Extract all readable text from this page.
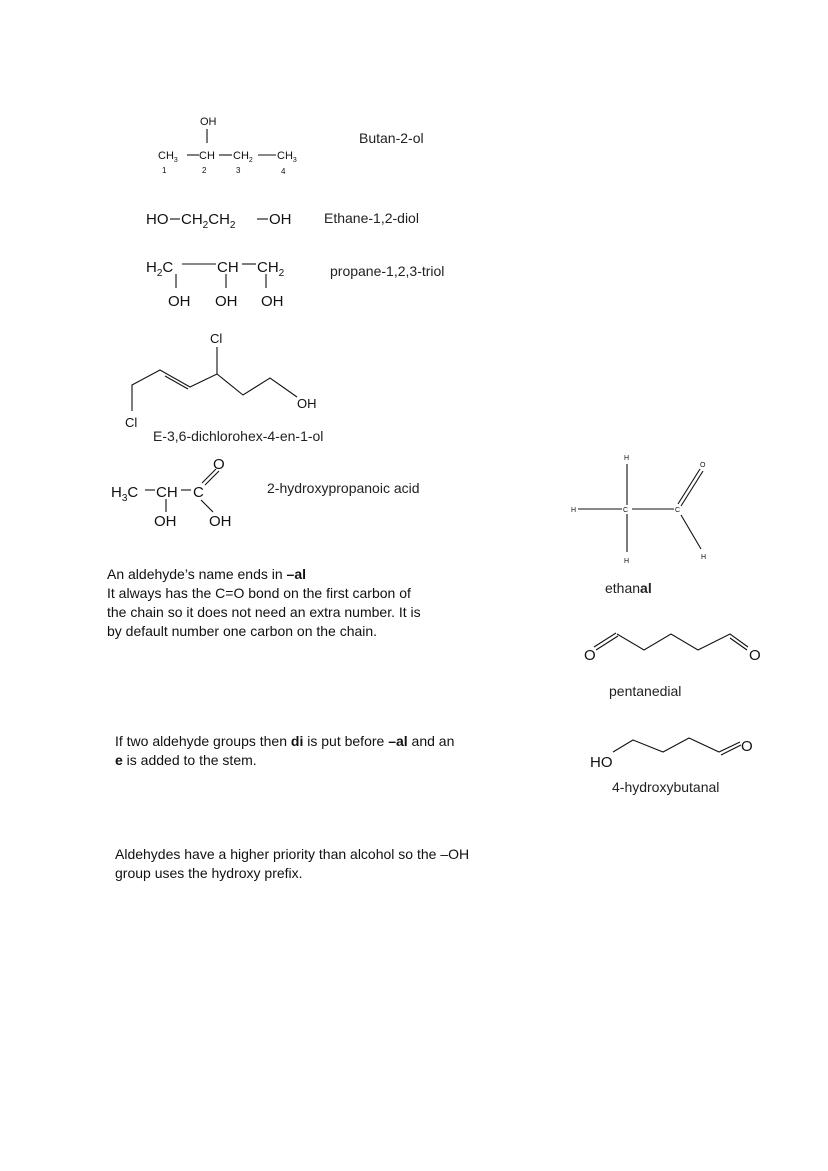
OH
$CH_3$ CH $CH_2$ $CH_3$
1	2	3	4
Butan-2-ol
HO $CH_2CH_2$ OH Ethane-1,2-diol
$H_2C$	CH $CH_2$
OH OH OH
propane-1,2,3-triol
Cl
OH
Cl
E-3,6-dichlorohex-4-en-1-ol
O
$H_3C$ CH C
OH OH
2-hydroxypropanoic acid
H
H	C	C
O
H
H
ethanal
O	O
pentanedial
HO
O
4-hydroxybutanal
An aldehyde’s name ends in –al
It always has the C=O bond on the first carbon of
the chain so it does not need an extra number. It is
by default number one carbon on the chain.
If two aldehyde groups then di is put before –al and an
e is added to the stem.
Aldehydes have a higher priority than alcohol so the –OH
group uses the hydroxy prefix.
